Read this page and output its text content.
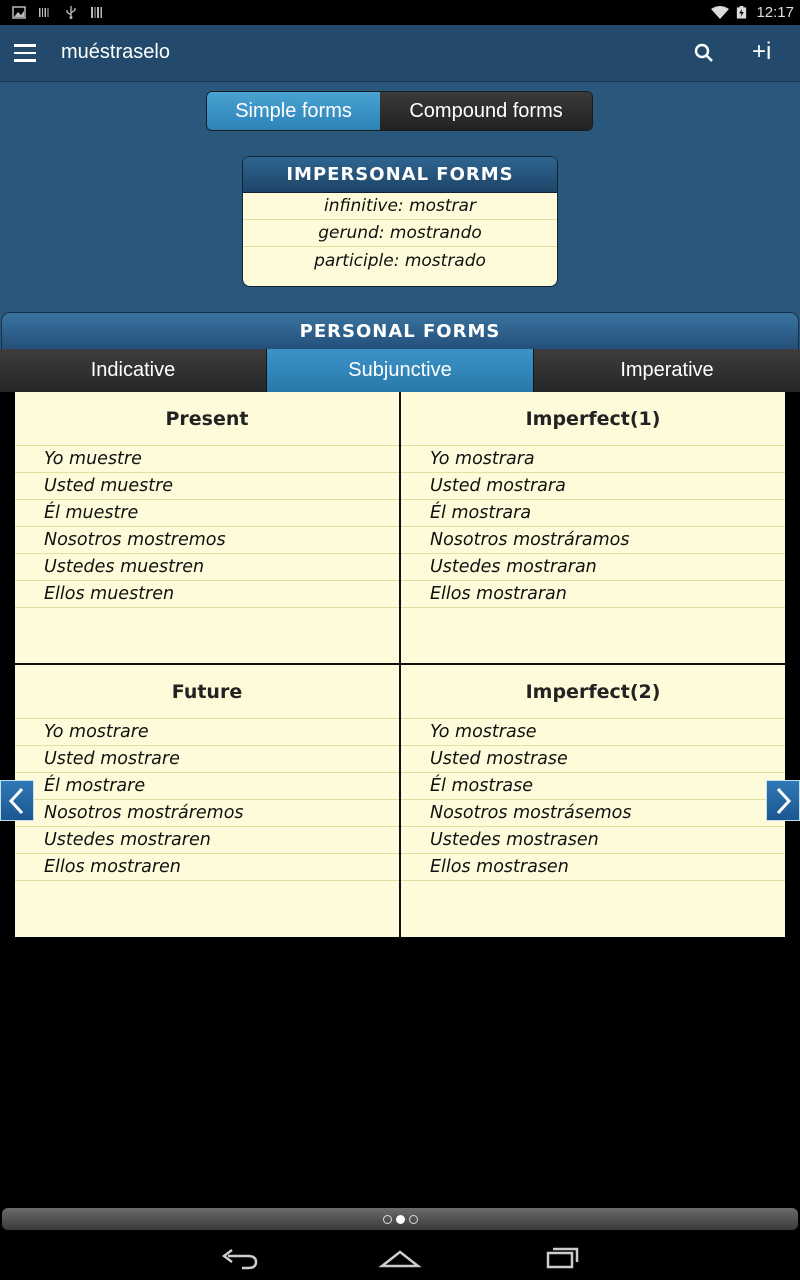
12:17
muéstraselo	+i
Simple forms	Compound forms
IMPERSONAL FORMS
infinitive: mostrar
gerund: mostrando
participle: mostrado
PERSONAL FORMS
Indicative	Subjunctive	Imperative
Present
Yo muestre
Usted muestre
Él muestre
Nosotros mostremos
Ustedes muestren
Ellos muestren
Imperfect(1)
Yo mostrara
Usted mostrara
Él mostrara
Nosotros mostráramos
Ustedes mostraran
Ellos mostraran
Future
Yo mostrare
Usted mostrare
Él mostrare
Nosotros mostráremos
Ustedes mostraren
Ellos mostraren
Imperfect(2)
Yo mostrase
Usted mostrase
Él mostrase
Nosotros mostrásemos
Ustedes mostrasen
Ellos mostrasen
